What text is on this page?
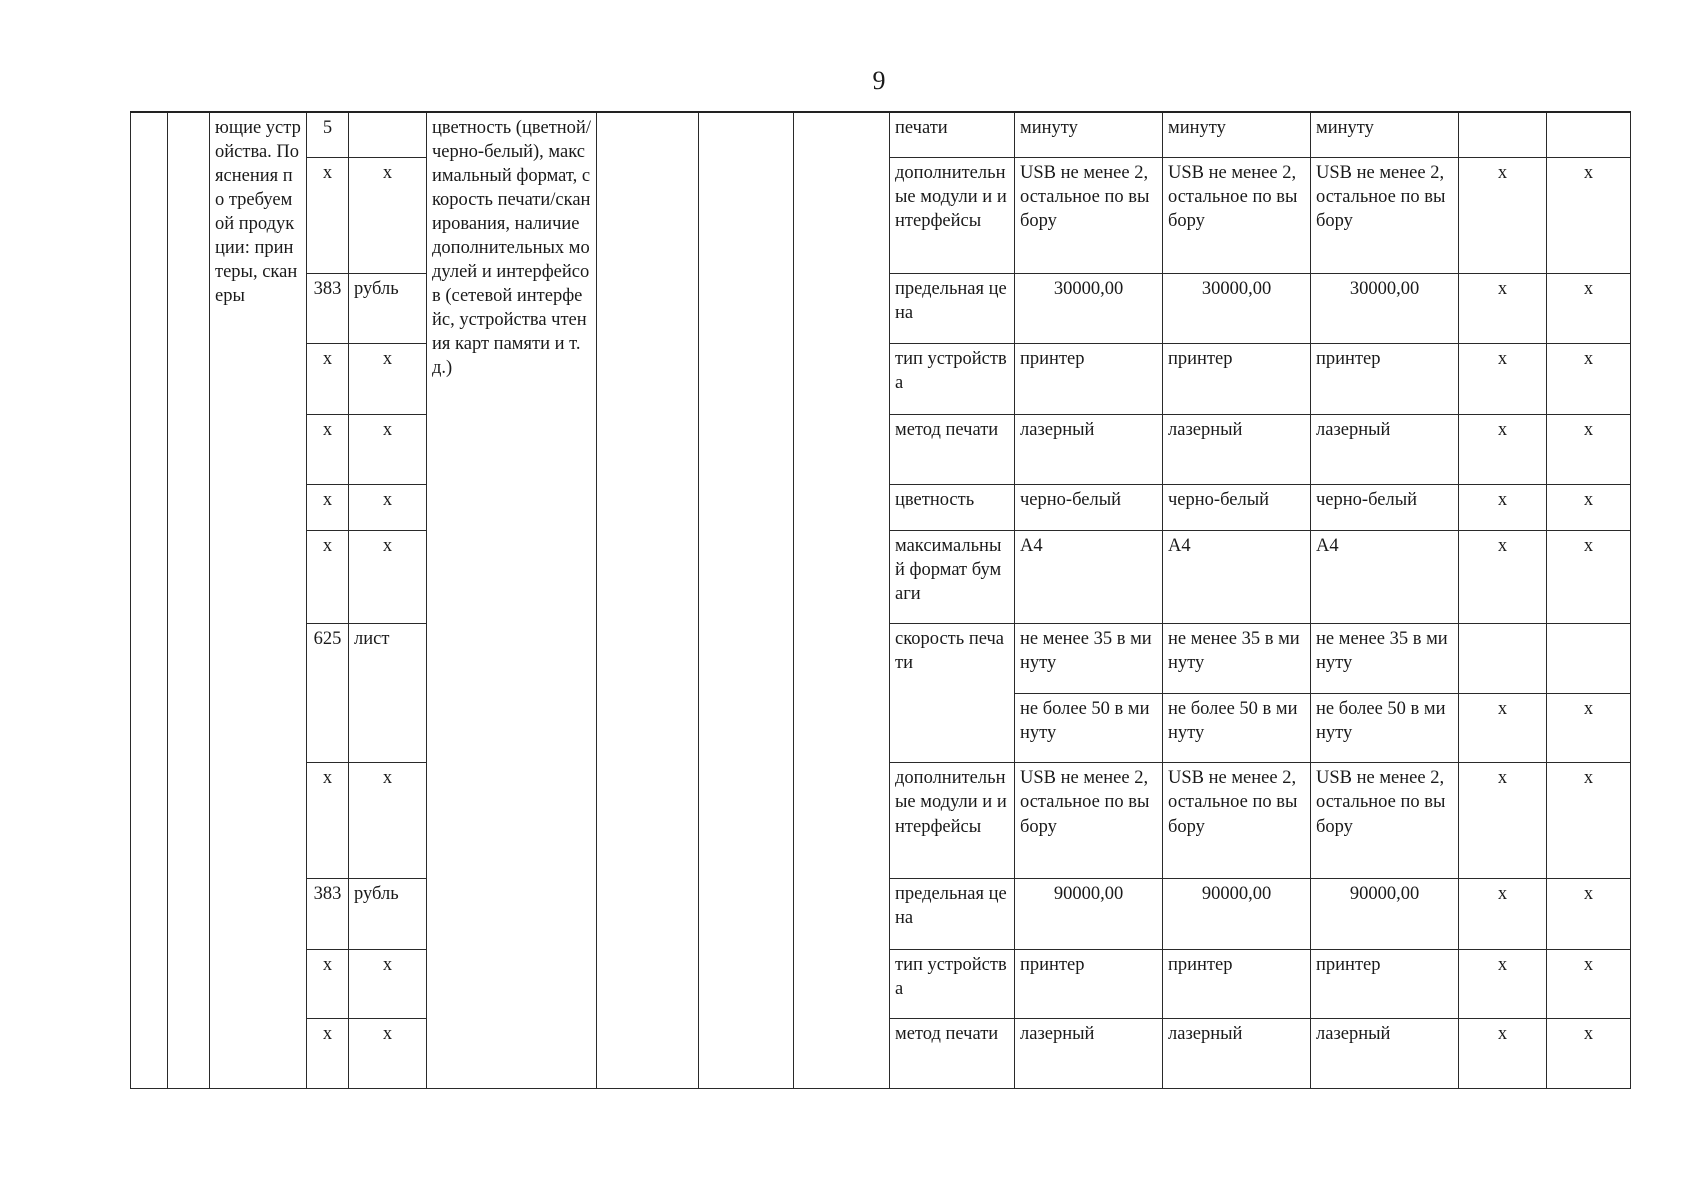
9
		ющие устройства. Пояснения по требуемой продукции: принтеры, сканеры	5		цветность (цветной/черно-белый), максимальный формат, скорость печати/сканирования, наличие дополнительных модулей и интерфейсов (сетевой интерфейс, устройства чтения карт памяти и т.д.)				печати	минуту	минуту	минуту		
			х	х					дополнительные модули и интерфейсы	USB не менее 2, остальное по выбору	USB не менее 2, остальное по выбору	USB не менее 2, остальное по выбору	х	х
			383	рубль					предельная цена	30000,00	30000,00	30000,00	х	х
			х	х					тип устройства	принтер	принтер	принтер	х	х
			х	х					метод печати	лазерный	лазерный	лазерный	х	х
			х	х					цветность	черно-белый	черно-белый	черно-белый	х	х
			х	х					максимальный формат бумаги	А4	А4	А4	х	х
			625	лист					скорость печати	не менее 35 в минуту	не менее 35 в минуту	не менее 35 в минуту		
										не более 50 в минуту	не более 50 в минуту	не более 50 в минуту	х	х
			х	х					дополнительные модули и интерфейсы	USB не менее 2, остальное по выбору	USB не менее 2, остальное по выбору	USB не менее 2, остальное по выбору	х	х
			383	рубль					предельная цена	90000,00	90000,00	90000,00	х	х
			х	х					тип устройства	принтер	принтер	принтер	х	х
			х	х					метод печати	лазерный	лазерный	лазерный	х	х
